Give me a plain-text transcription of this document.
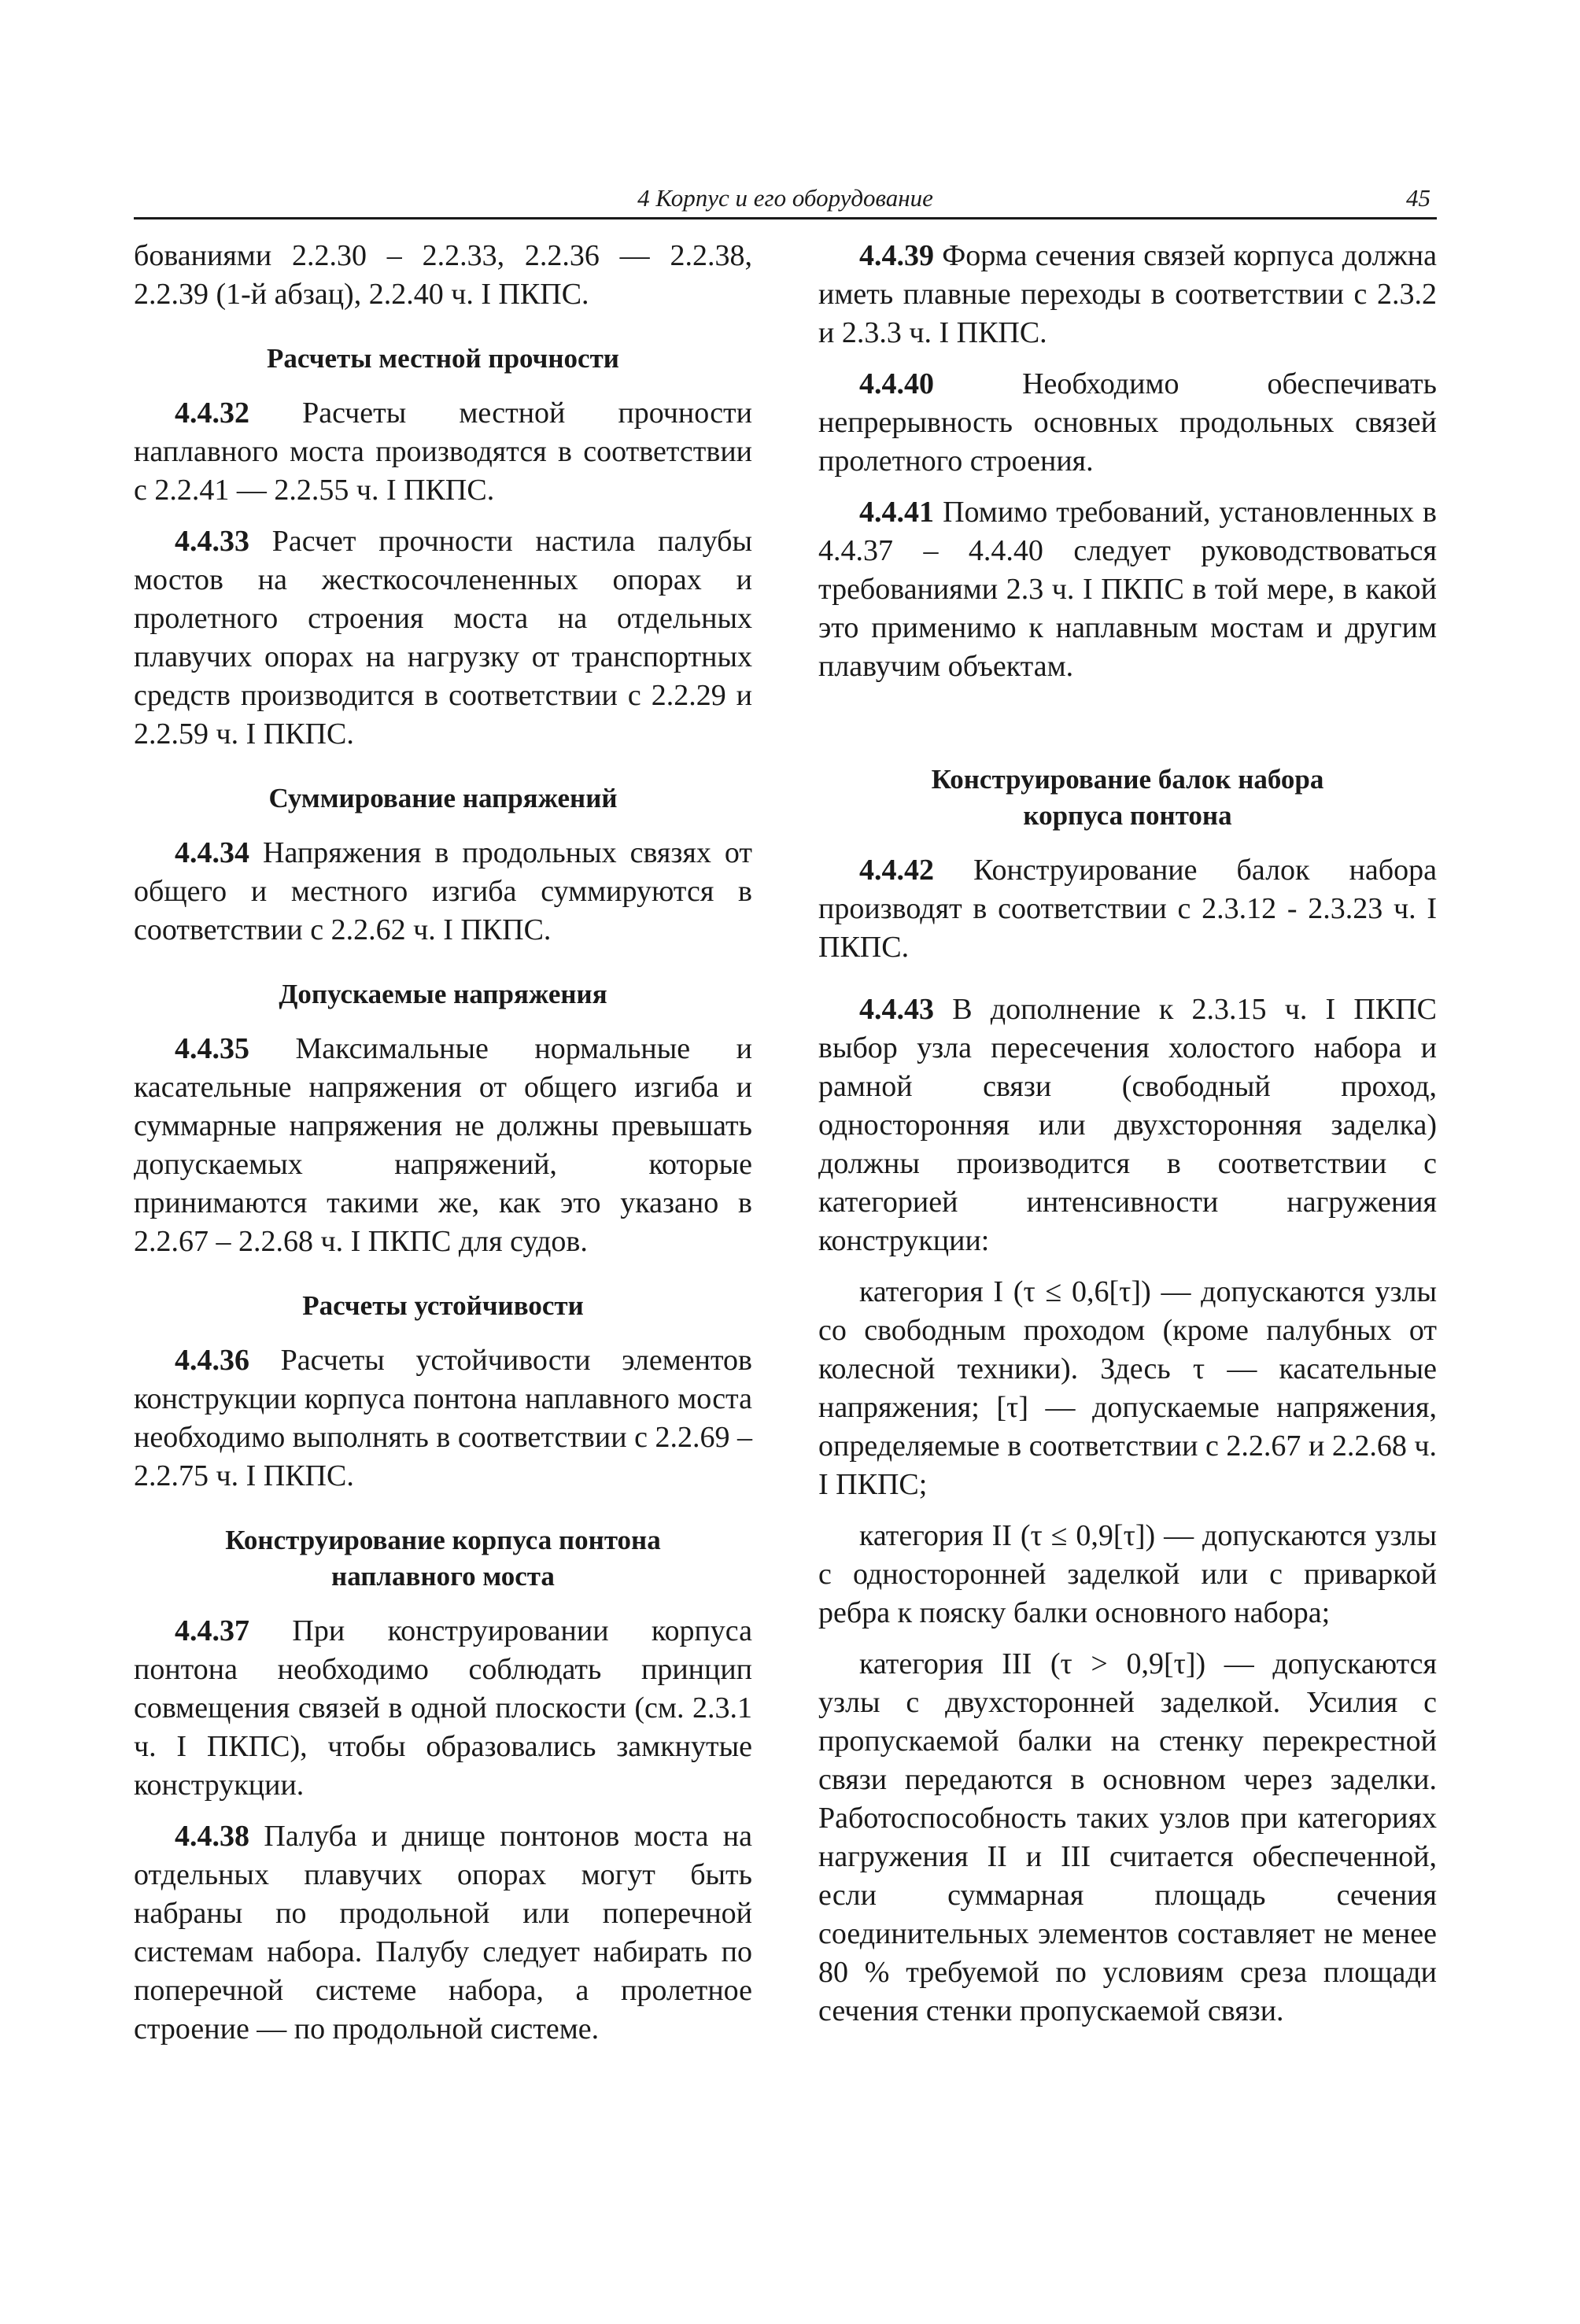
4 Корпус и его оборудование	45

бованиями 2.2.30 – 2.2.33, 2.2.36 — 2.2.38, 2.2.39 (1-й абзац), 2.2.40 ч. I ПКПС.

Расчеты местной прочности

4.4.32 Расчеты местной прочности наплавного моста производятся в соответствии с 2.2.41 — 2.2.55 ч. I ПКПС.

4.4.33 Расчет прочности настила палубы мостов на жесткосочлененных опорах и пролетного строения моста на отдельных плавучих опорах на нагрузку от транспортных средств производится в соответствии с 2.2.29 и 2.2.59 ч. I ПКПС.

Суммирование напряжений

4.4.34 Напряжения в продольных связях от общего и местного изгиба суммируются в соответствии с 2.2.62 ч. I ПКПС.

Допускаемые напряжения

4.4.35 Максимальные нормальные и касательные напряжения от общего изгиба и суммарные напряжения не должны превышать допускаемых напряжений, которые принимаются такими же, как это указано в 2.2.67 – 2.2.68 ч. I ПКПС для судов.

Расчеты устойчивости

4.4.36 Расчеты устойчивости элементов конструкции корпуса понтона наплавного моста необходимо выполнять в соответствии с 2.2.69 – 2.2.75 ч. I ПКПС.

Конструирование корпуса понтона
наплавного моста

4.4.37 При конструировании корпуса понтона необходимо соблюдать принцип совмещения связей в одной плоскости (см. 2.3.1 ч. I ПКПС), чтобы образовались замкнутые конструкции.

4.4.38 Палуба и днище понтонов моста на отдельных плавучих опорах могут быть набраны по продольной или поперечной системам набора. Палубу следует набирать по поперечной системе набора, а пролетное строение — по продольной системе.

4.4.39 Форма сечения связей корпуса должна иметь плавные переходы в соответствии с 2.3.2 и 2.3.3 ч. I ПКПС.

4.4.40	Необходимо обеспечивать непрерывность основных продольных связей пролетного строения.

4.4.41 Помимо требований, установленных в 4.4.37 – 4.4.40 следует руководствоваться требованиями 2.3 ч. I ПКПС в той мере, в какой это применимо к наплавным мостам и другим плавучим объектам.

Конструирование балок набора
корпуса понтона

4.4.42 Конструирование балок набора производят в соответствии с 2.3.12 - 2.3.23 ч. I ПКПС.

4.4.43 В дополнение к 2.3.15 ч. I ПКПС выбор узла пересечения холостого набора и рамной связи (свободный проход, односторонняя или двухсторонняя заделка) должны производится в соответствии с категорией интенсивности нагружения конструкции:

категория I (τ ≤ 0,6[τ]) — допускаются узлы со свободным проходом (кроме палубных от колесной техники). Здесь τ — касательные напряжения; [τ] — допускаемые напряжения, определяемые в соответствии с 2.2.67 и 2.2.68 ч. I ПКПС;

категория II (τ ≤ 0,9[τ]) — допускаются узлы с односторонней заделкой или с приваркой ребра к пояску балки основного набора;

категория III (τ > 0,9[τ]) — допускаются узлы с двухсторонней заделкой. Усилия с пропускаемой балки на стенку перекрестной связи передаются в основном через заделки. Работоспособность таких узлов при категориях нагружения II и III считается обеспеченной, если суммарная площадь сечения соединительных элементов составляет не менее 80 % требуемой по условиям среза площади сечения стенки пропускаемой связи.
